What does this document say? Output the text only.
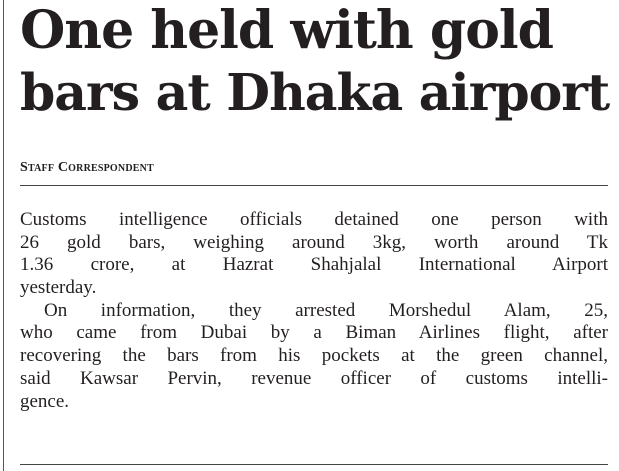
One held with gold
bars at Dhaka airport
Staff Correspondent
Customs intelligence officials detained one person with
26 gold bars, weighing around 3kg, worth around Tk
1.36 crore, at Hazrat Shahjalal International Airport
yesterday.
On information, they arrested Morshedul Alam, 25,
who came from Dubai by a Biman Airlines flight, after
recovering the bars from his pockets at the green channel,
said Kawsar Pervin, revenue officer of customs intelli-
gence.
